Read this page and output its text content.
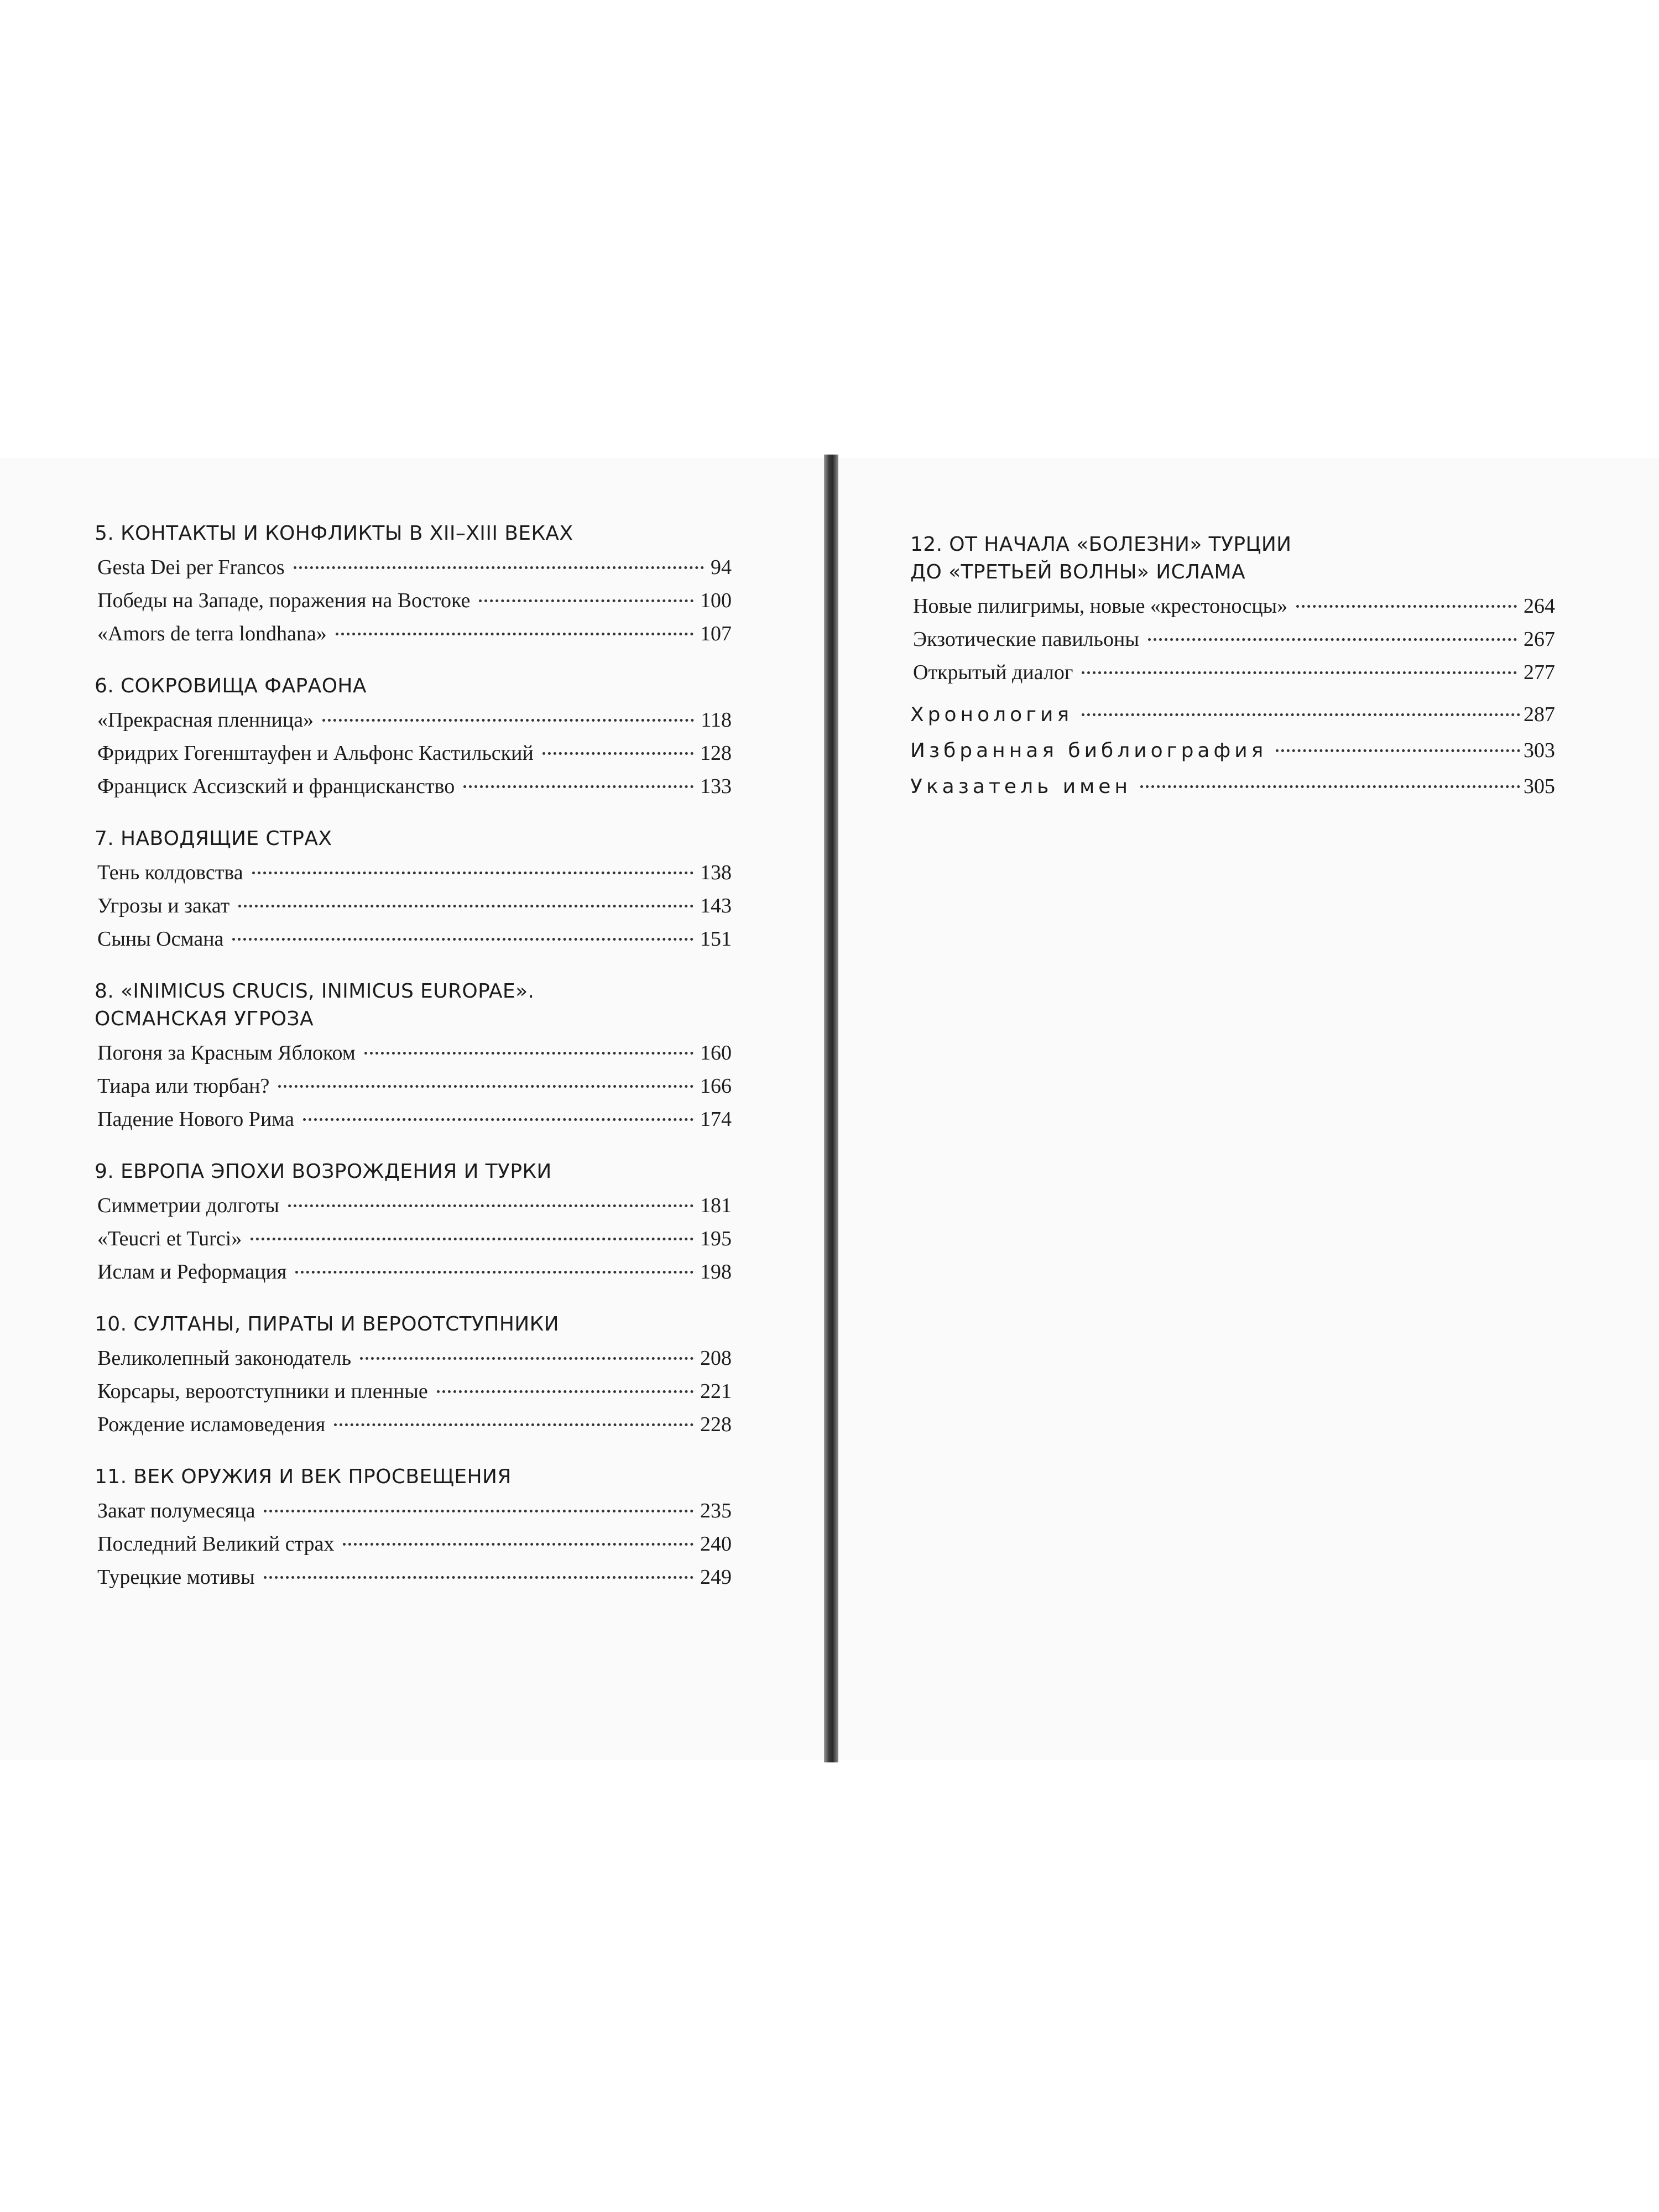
5. КОНТАКТЫ И КОНФЛИКТЫ В XII–XIII ВЕКАХ
Gesta Dei per Francos	94
Победы на Западе, поражения на Востоке	100
«Amors de terra londhana»	107
6. СОКРОВИЩА ФАРАОНА
«Прекрасная пленница»	118
Фридрих Гогенштауфен и Альфонс Кастильский	128
Франциск Ассизский и францисканство	133
7. НАВОДЯЩИЕ СТРАХ
Тень колдовства	138
Угрозы и закат	143
Сыны Османа	151
8. «INIMICUS CRUCIS, INIMICUS EUROPAE».
ОСМАНСКАЯ УГРОЗА
Погоня за Красным Яблоком	160
Тиара или тюрбан?	166
Падение Нового Рима	174
9. ЕВРОПА ЭПОХИ ВОЗРОЖДЕНИЯ И ТУРКИ
Симметрии долготы	181
«Teucri et Turci»	195
Ислам и Реформация	198
10. СУЛТАНЫ, ПИРАТЫ И ВЕРООТСТУПНИКИ
Великолепный законодатель	208
Корсары, вероотступники и пленные	221
Рождение исламоведения	228
11. ВЕК ОРУЖИЯ И ВЕК ПРОСВЕЩЕНИЯ
Закат полумесяца	235
Последний Великий страх	240
Турецкие мотивы	249
12. ОТ НАЧАЛА «БОЛЕЗНИ» ТУРЦИИ
ДО «ТРЕТЬЕЙ ВОЛНЫ» ИСЛАМА
Новые пилигримы, новые «крестоносцы»	264
Экзотические павильоны	267
Открытый диалог	277
Хронология	287
Избранная библиография	303
Указатель имен	305
